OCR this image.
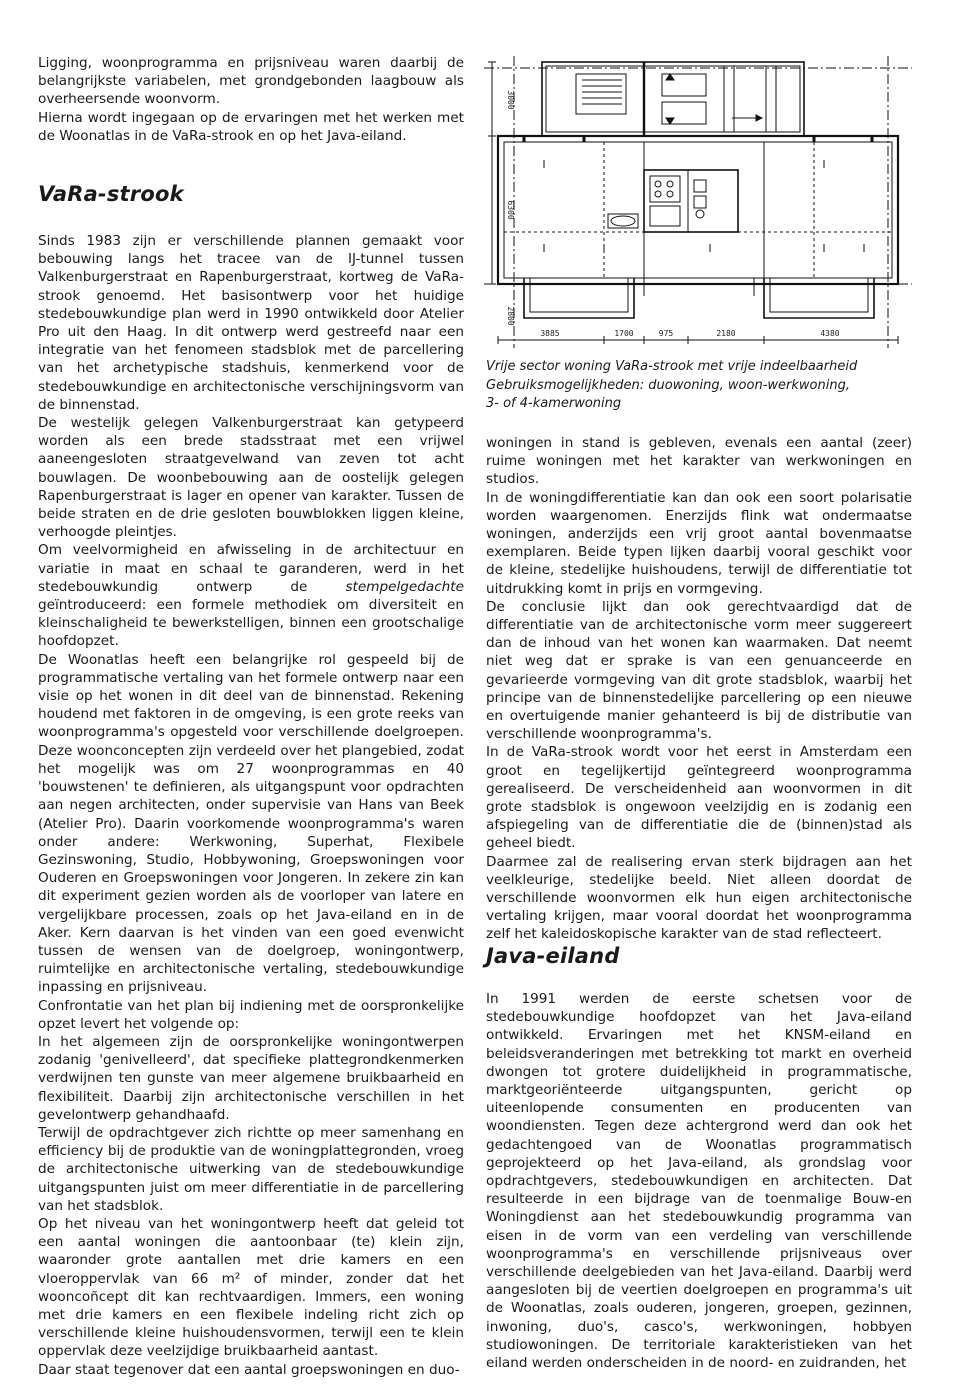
Ligging, woonprogramma en prijsniveau waren daarbij de belangrijkste variabelen, met grondgebonden laagbouw als overheersende woonvorm.

Hierna wordt ingegaan op de ervaringen met het werken met de Woonatlas in de VaRa-strook en op het Java-eiland.

VaRa-strook

Sinds 1983 zijn er verschillende plannen gemaakt voor bebouwing langs het tracee van de IJ-tunnel tussen Valkenburgerstraat en Rapenburgerstraat, kortweg de VaRa-strook genoemd. Het basisontwerp voor het huidige stedebouwkundige plan werd in 1990 ontwikkeld door Atelier Pro uit den Haag. In dit ontwerp werd gestreefd naar een integratie van het fenomeen stadsblok met de parcellering van het archetypische stadshuis, kenmerkend voor de stedebouwkundige en architectonische verschijningsvorm van de binnenstad.

De westelijk gelegen Valkenburgerstraat kan getypeerd worden als een brede stadsstraat met een vrijwel aaneengesloten straatgevelwand van zeven tot acht bouwlagen. De woonbebouwing aan de oostelijk gelegen Rapenburgerstraat is lager en opener van karakter. Tussen de beide straten en de drie gesloten bouwblokken liggen kleine, verhoogde pleintjes.

Om veelvormigheid en afwisseling in de architectuur en variatie in maat en schaal te garanderen, werd in het stedebouwkundig ontwerp de stempelgedachte geïntroduceerd: een formele methodiek om diversiteit en kleinschaligheid te bewerkstelligen, binnen een grootschalige hoofdopzet.

De Woonatlas heeft een belangrijke rol gespeeld bij de programmatische vertaling van het formele ontwerp naar een visie op het wonen in dit deel van de binnenstad. Rekening houdend met faktoren in de omgeving, is een grote reeks van woonprogramma's opgesteld voor verschillende doelgroepen. Deze woonconcepten zijn verdeeld over het plangebied, zodat het mogelijk was om 27 woonprogrammas en 40 'bouwstenen' te definieren, als uitgangspunt voor opdrachten aan negen architecten, onder supervisie van Hans van Beek (Atelier Pro). Daarin voorkomende woonprogramma's waren onder andere: Werkwoning, Superhat, Flexibele Gezinswoning, Studio, Hobbywoning, Groepswoningen voor Ouderen en Groepswoningen voor Jongeren. In zekere zin kan dit experiment gezien worden als de voorloper van latere en vergelijkbare processen, zoals op het Java-eiland en in de Aker. Kern daarvan is het vinden van een goed evenwicht tussen de wensen van de doelgroep, woningontwerp, ruimtelijke en architectonische vertaling, stedebouwkundige inpassing en prijsniveau.

Confrontatie van het plan bij indiening met de oorspronkelijke opzet levert het volgende op:

In het algemeen zijn de oorspronkelijke woningontwerpen zodanig 'genivelleerd', dat specifieke plattegrondkenmerken verdwijnen ten gunste van meer algemene bruikbaarheid en flexibiliteit. Daarbij zijn architectonische verschillen in het gevelontwerp gehandhaafd.

Terwijl de opdrachtgever zich richtte op meer samenhang en efficiency bij de produktie van de woningplattegronden, vroeg de architectonische uitwerking van de stedebouwkundige uitgangspunten juist om meer differentiatie in de parcellering van het stadsblok.

Op het niveau van het woningontwerp heeft dat geleid tot een aantal woningen die aantoonbaar (te) klein zijn, waaronder grote aantallen met drie kamers en een vloeroppervlak van 66 m² of minder, zonder dat het wooncoñcept dit kan rechtvaardigen. Immers, een woning met drie kamers en een flexibele indeling richt zich op verschillende kleine huishoudensvormen, terwijl een te klein oppervlak deze veelzijdige bruikbaarheid aantast.

Daar staat tegenover dat een aantal groepswoningen en duo-

3000
6300
2800
3885	1700	975	2180	4380
Vrije sector woning VaRa-strook met vrije indeelbaarheid
Gebruiksmogelijkheden: duowoning, woon-werkwoning,
3- of 4-kamerwoning

woningen in stand is gebleven, evenals een aantal (zeer) ruime woningen met het karakter van werkwoningen en studios.

In de woningdifferentiatie kan dan ook een soort polarisatie worden waargenomen. Enerzijds flink wat ondermaatse woningen, anderzijds een vrij groot aantal bovenmaatse exemplaren. Beide typen lijken daarbij vooral geschikt voor de kleine, stedelijke huishoudens, terwijl de differentiatie tot uitdrukking komt in prijs en vormgeving.

De conclusie lijkt dan ook gerechtvaardigd dat de differentiatie van de architectonische vorm meer suggereert dan de inhoud van het wonen kan waarmaken. Dat neemt niet weg dat er sprake is van een genuanceerde en gevarieerde vormgeving van dit grote stadsblok, waarbij het principe van de binnenstedelijke parcellering op een nieuwe en overtuigende manier gehanteerd is bij de distributie van verschillende woonprogramma's.

In de VaRa-strook wordt voor het eerst in Amsterdam een groot en tegelijkertijd geïntegreerd woonprogramma gerealiseerd. De verscheidenheid aan woonvormen in dit grote stadsblok is ongewoon veelzijdig en is zodanig een afspiegeling van de differentiatie die de (binnen)stad als geheel biedt.

Daarmee zal de realisering ervan sterk bijdragen aan het veelkleurige, stedelijke beeld. Niet alleen doordat de verschillende woonvormen elk hun eigen architectonische vertaling krijgen, maar vooral doordat het woonprogramma zelf het kaleidoskopische karakter van de stad reflecteert.

Java-eiland

In 1991 werden de eerste schetsen voor de stedebouwkundige hoofdopzet van het Java-eiland ontwikkeld. Ervaringen met het KNSM-eiland en beleidsveranderingen met betrekking tot markt en overheid dwongen tot grotere duidelijkheid in programmatische, marktgeoriënteerde uitgangspunten, gericht op uiteenlopende consumenten en producenten van woondiensten. Tegen deze achtergrond werd dan ook het gedachtengoed van de Woonatlas programmatisch geprojekteerd op het Java-eiland, als grondslag voor opdrachtgevers, stedebouwkundigen en architecten. Dat resulteerde in een bijdrage van de toenmalige Bouw-en Woningdienst aan het stedebouwkundig programma van eisen in de vorm van een verdeling van verschillende woonprogramma's en verschillende prijsniveaus over verschillende deelgebieden van het Java-eiland. Daarbij werd aangesloten bij de veertien doelgroepen en programma's uit de Woonatlas, zoals ouderen, jongeren, groepen, gezinnen, inwoning, duo's, casco's, werkwoningen, hobbyen studiowoningen. De territoriale karakteristieken van het eiland werden onderscheiden in de noord- en zuidranden, het
